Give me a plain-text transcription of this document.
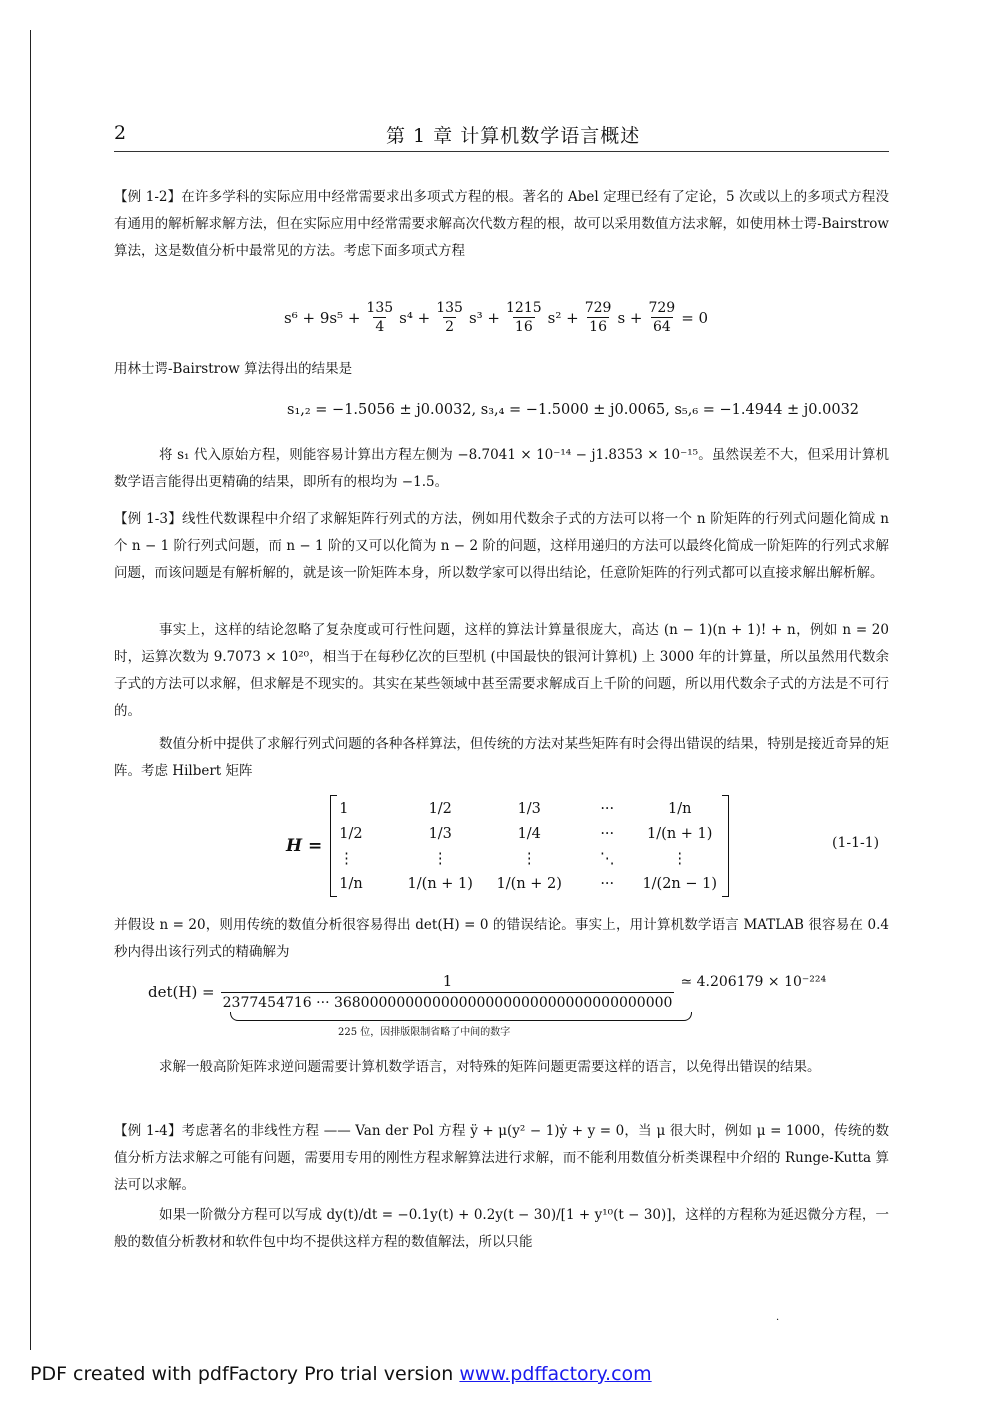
2	第 1 章 计算机数学语言概述
【例 1-2】在许多学科的实际应用中经常需要求出多项式方程的根。著名的 Abel 定理已经有了定论，5 次或以上的多项式方程没有通用的解析解求解方法，但在实际应用中经常需要求解高次代数方程的根，故可以采用数值方法求解，如使用林士谔-Bairstrow 算法，这是数值分析中最常见的方法。考虑下面多项式方程
$s^6 + 9s^5 + \frac{135}{4} s^4 + \frac{135}{2} s^3 + \frac{1215}{16} s^2 + \frac{729}{16}$ $s + \frac{729}{64} = 0$
用林士谔-Bairstrow 算法得出的结果是
s₁,₂ = −1.5056 ± j0.0032, s₃,₄ = −1.5000 ± j0.0065, s₅,₆ = −1.4944 ± j0.0032
将 s₁ 代入原始方程，则能容易计算出方程左侧为 −8.7041 × 10⁻¹⁴ − j1.8353 × 10⁻¹⁵。虽然误差不大，但采用计算机数学语言能得出更精确的结果，即所有的根均为 −1.5。
【例 1-3】线性代数课程中介绍了求解矩阵行列式的方法，例如用代数余子式的方法可以将一个 n 阶矩阵的行列式问题化简成 n 个 n − 1 阶行列式问题，而 n − 1 阶的又可以化简为 n − 2 阶的问题，这样用递归的方法可以最终化简成一阶矩阵的行列式求解问题，而该问题是有解析解的，就是该一阶矩阵本身，所以数学家可以得出结论，任意阶矩阵的行列式都可以直接求解出解析解。
事实上，这样的结论忽略了复杂度或可行性问题，这样的算法计算量很庞大，高达 (n − 1)(n + 1)! + n，例如 n = 20 时，运算次数为 9.7073 × 10²⁰，相当于在每秒亿次的巨型机 (中国最快的银河计算机) 上 3000 年的计算量，所以虽然用代数余子式的方法可以求解，但求解是不现实的。其实在某些领域中甚至需要求解成百上千阶的问题，所以用代数余子式的方法是不可行的。
数值分析中提供了求解行列式问题的各种各样算法，但传统的方法对某些矩阵有时会得出错误的结果，特别是接近奇异的矩阵。考虑 Hilbert 矩阵
H =
1	1/2	1/3	···	1/n
1/2	1/3	1/4	···	1/(n + 1)
⋮	⋮	⋮	⋱	⋮
1/n	1/(n + 1)	1/(n + 2)	···	1/(2n − 1)
(1-1-1)
并假设 n = 20，则用传统的数值分析很容易得出 det(H) = 0 的错误结论。事实上，用计算机数学语言 MATLAB 很容易在 0.4 秒内得出该行列式的精确解为
$\det(H) = \frac{1}{2377454716 \cdot\cdot\cdot 36800000000000000000000000000000000000}$ ≃ 4.206179 × 10⁻²²⁴
225 位，因排版限制省略了中间的数字
求解一般高阶矩阵求逆问题需要计算机数学语言，对特殊的矩阵问题更需要这样的语言，以免得出错误的结果。
【例 1-4】考虑著名的非线性方程 —— Van der Pol 方程 ÿ + μ(y² − 1)ẏ + y = 0，当 μ 很大时，例如 μ = 1000，传统的数值分析方法求解之可能有问题，需要用专用的刚性方程求解算法进行求解，而不能利用数值分析类课程中介绍的 Runge-Kutta 算法可以求解。
如果一阶微分方程可以写成 dy(t)/dt = −0.1y(t) + 0.2y(t − 30)/[1 + y¹⁰(t − 30)]，这样的方程称为延迟微分方程，一般的数值分析教材和软件包中均不提供这样方程的数值解法，所以只能
·
PDF created with pdfFactory Pro trial version www.pdffactory.com
